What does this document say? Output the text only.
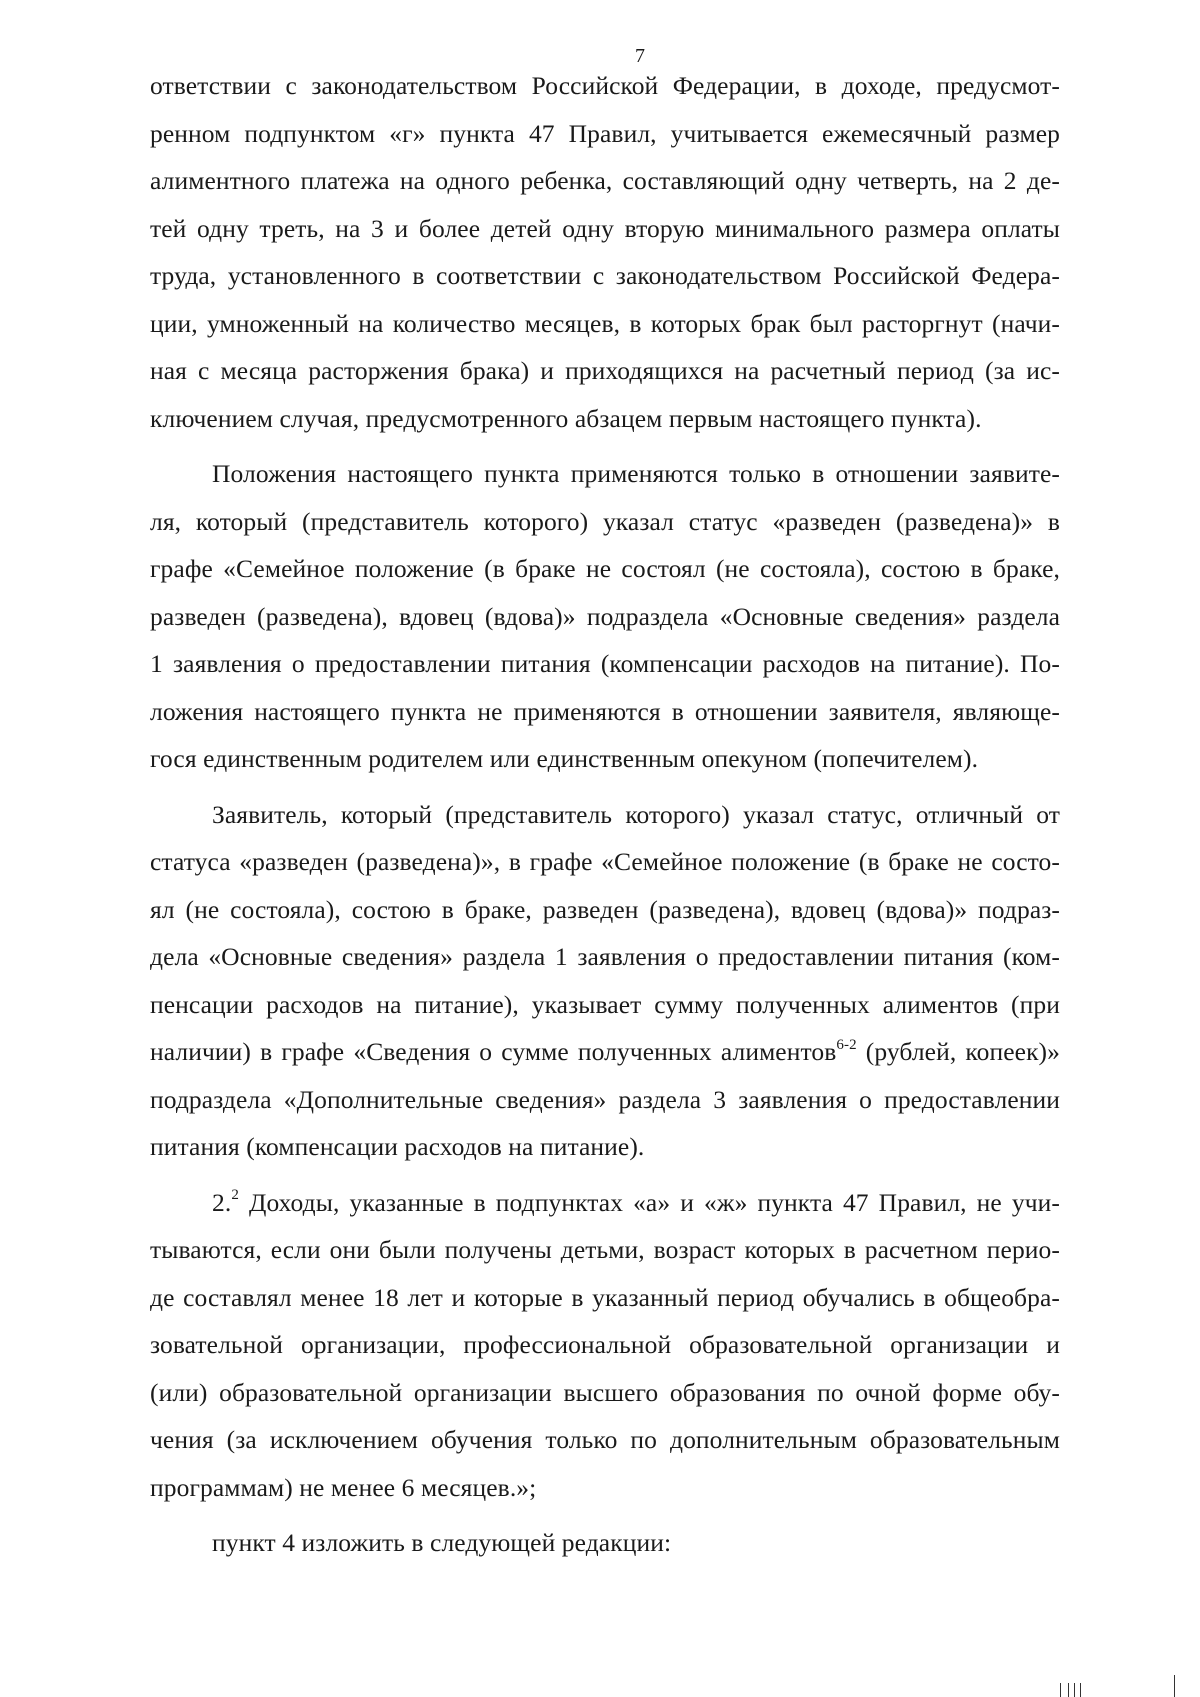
7
ответствии с законодательством Российской Федерации, в доходе, предусмот-
ренном подпунктом «г» пункта 47 Правил, учитывается ежемесячный размер
алиментного платежа на одного ребенка, составляющий одну четверть, на 2 де-
тей одну треть, на 3 и более детей одну вторую минимального размера оплаты
труда, установленного в соответствии с законодательством Российской Федера-
ции, умноженный на количество месяцев, в которых брак был расторгнут (начи-
ная с месяца расторжения брака) и приходящихся на расчетный период (за ис-
ключением случая, предусмотренного абзацем первым настоящего пункта).
Положения настоящего пункта применяются только в отношении заявите-
ля, который (представитель которого) указал статус «разведен (разведена)» в
графе «Семейное положение (в браке не состоял (не состояла), состою в браке,
разведен (разведена), вдовец (вдова)» подраздела «Основные сведения» раздела
1 заявления о предоставлении питания (компенсации расходов на питание). По-
ложения настоящего пункта не применяются в отношении заявителя, являюще-
гося единственным родителем или единственным опекуном (попечителем).
Заявитель, который (представитель которого) указал статус, отличный от
статуса «разведен (разведена)», в графе «Семейное положение (в браке не состо-
ял (не состояла), состою в браке, разведен (разведена), вдовец (вдова)» подраз-
дела «Основные сведения» раздела 1 заявления о предоставлении питания (ком-
пенсации расходов на питание), указывает сумму полученных алиментов (при
наличии) в графе «Сведения о сумме полученных алиментов$^{6-2}$ (рублей, копеек)»
подраздела «Дополнительные сведения» раздела 3 заявления о предоставлении
питания (компенсации расходов на питание).
2.$^2$ Доходы, указанные в подпунктах «а» и «ж» пункта 47 Правил, не учи-
тываются, если они были получены детьми, возраст которых в расчетном перио-
де составлял менее 18 лет и которые в указанный период обучались в общеобра-
зовательной организации, профессиональной образовательной организации и
(или) образовательной организации высшего образования по очной форме обу-
чения (за исключением обучения только по дополнительным образовательным
программам) не менее 6 месяцев.»;
пункт 4 изложить в следующей редакции:
